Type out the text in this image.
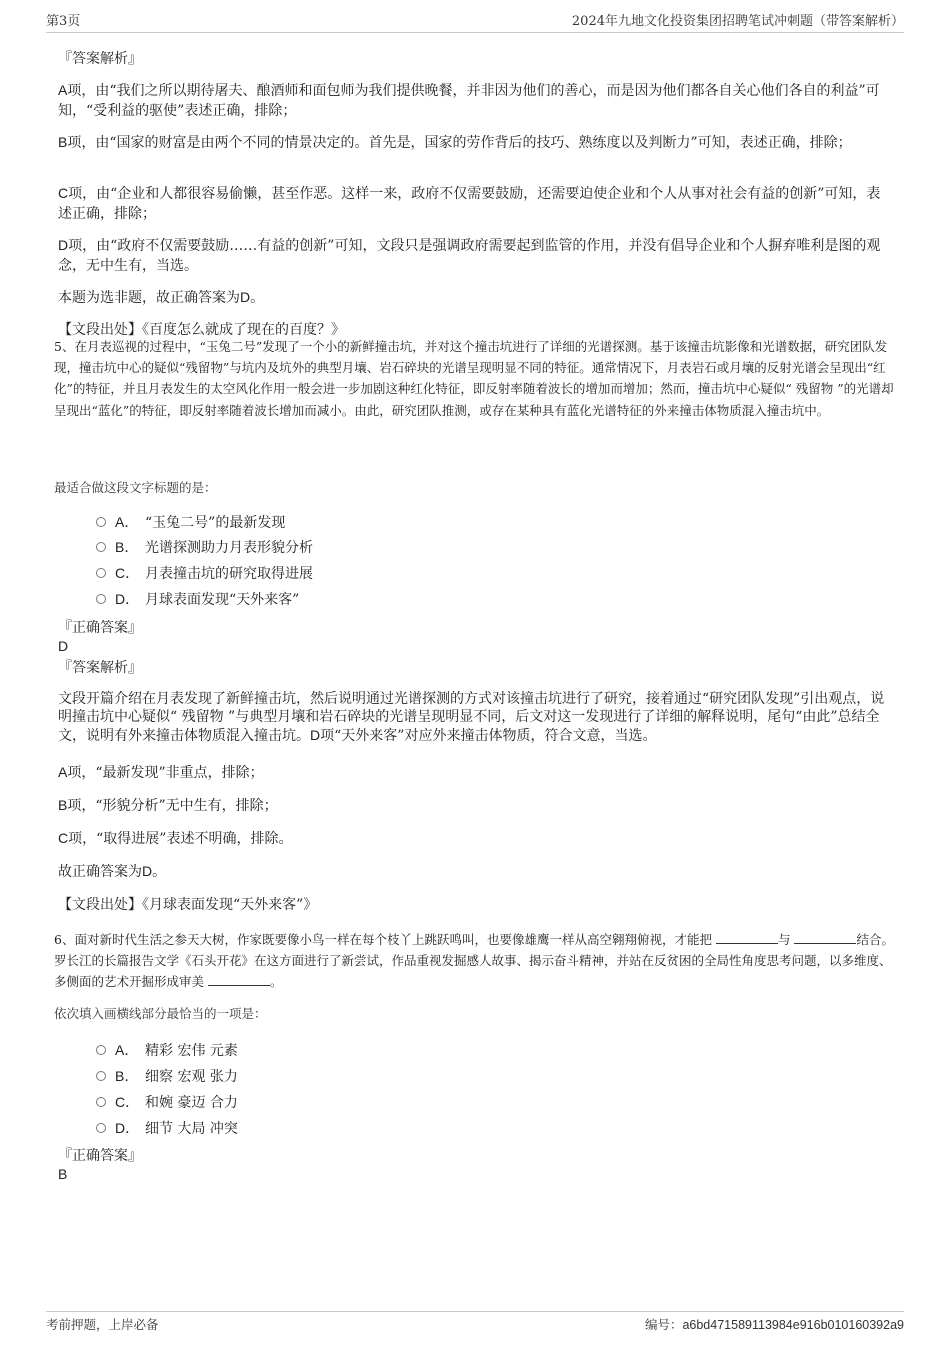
第3页	2024年九地文化投资集团招聘笔试冲刺题（带答案解析）
『答案解析』
A项，由“我们之所以期待屠夫、酿酒师和面包师为我们提供晚餐，并非因为他们的善心，而是因为他们都各自关心他们各自的利益”可知，“受利益的驱使”表述正确，排除；
B项，由“国家的财富是由两个不同的情景决定的。首先是，国家的劳作背后的技巧、熟练度以及判断力”可知，表述正确，排除；
C项，由“企业和人都很容易偷懒，甚至作恶。这样一来，政府不仅需要鼓励，还需要迫使企业和个人从事对社会有益的创新”可知，表述正确，排除；
D项，由“政府不仅需要鼓励……有益的创新”可知，文段只是强调政府需要起到监管的作用，并没有倡导企业和个人摒弃唯利是图的观念，无中生有，当选。
本题为选非题，故正确答案为D。
【文段出处】《百度怎么就成了现在的百度？》
5、在月表巡视的过程中，“玉兔二号”发现了一个小的新鲜撞击坑，并对这个撞击坑进行了详细的光谱探测。基于该撞击坑影像和光谱数据，研究团队发现，撞击坑中心的疑似“残留物”与坑内及坑外的典型月壤、岩石碎块的光谱呈现明显不同的特征。通常情况下，月表岩石或月壤的反射光谱会呈现出“红化”的特征，并且月表发生的太空风化作用一般会进一步加剧这种红化特征，即反射率随着波长的增加而增加；然而，撞击坑中心疑似“ 残留物 ”的光谱却呈现出“蓝化”的特征，即反射率随着波长增加而减小。由此，研究团队推测，或存在某种具有蓝化光谱特征的外来撞击体物质混入撞击坑中。
最适合做这段文字标题的是：
A． “玉兔二号”的最新发现
B． 光谱探测助力月表形貌分析
C． 月表撞击坑的研究取得进展
D． 月球表面发现“天外来客”
『正确答案』
D
『答案解析』
文段开篇介绍在月表发现了新鲜撞击坑，然后说明通过光谱探测的方式对该撞击坑进行了研究，接着通过“研究团队发现”引出观点，说明撞击坑中心疑似“ 残留物 ”与典型月壤和岩石碎块的光谱呈现明显不同，后文对这一发现进行了详细的解释说明，尾句“由此”总结全文，说明有外来撞击体物质混入撞击坑。D项“天外来客”对应外来撞击体物质，符合文意，当选。
A项，“最新发现”非重点，排除；
B项，“形貌分析”无中生有，排除；
C项，“取得进展”表述不明确，排除。
故正确答案为D。
【文段出处】《月球表面发现“天外来客”》
6、面对新时代生活之参天大树，作家既要像小鸟一样在每个枝丫上跳跃鸣叫，也要像雄鹰一样从高空翱翔俯视，才能把	与	结合。罗长江的长篇报告文学《石头开花》在这方面进行了新尝试，作品重视发掘感人故事、揭示奋斗精神，并站在反贫困的全局性角度思考问题，以多维度、多侧面的艺术开掘形成审美	。
依次填入画横线部分最恰当的一项是：
A． 精彩 宏伟 元素
B． 细察 宏观 张力
C． 和婉 豪迈 合力
D． 细节 大局 冲突
『正确答案』
B
考前押题，上岸必备	编号：a6bd471589113984e916b010160392a9
